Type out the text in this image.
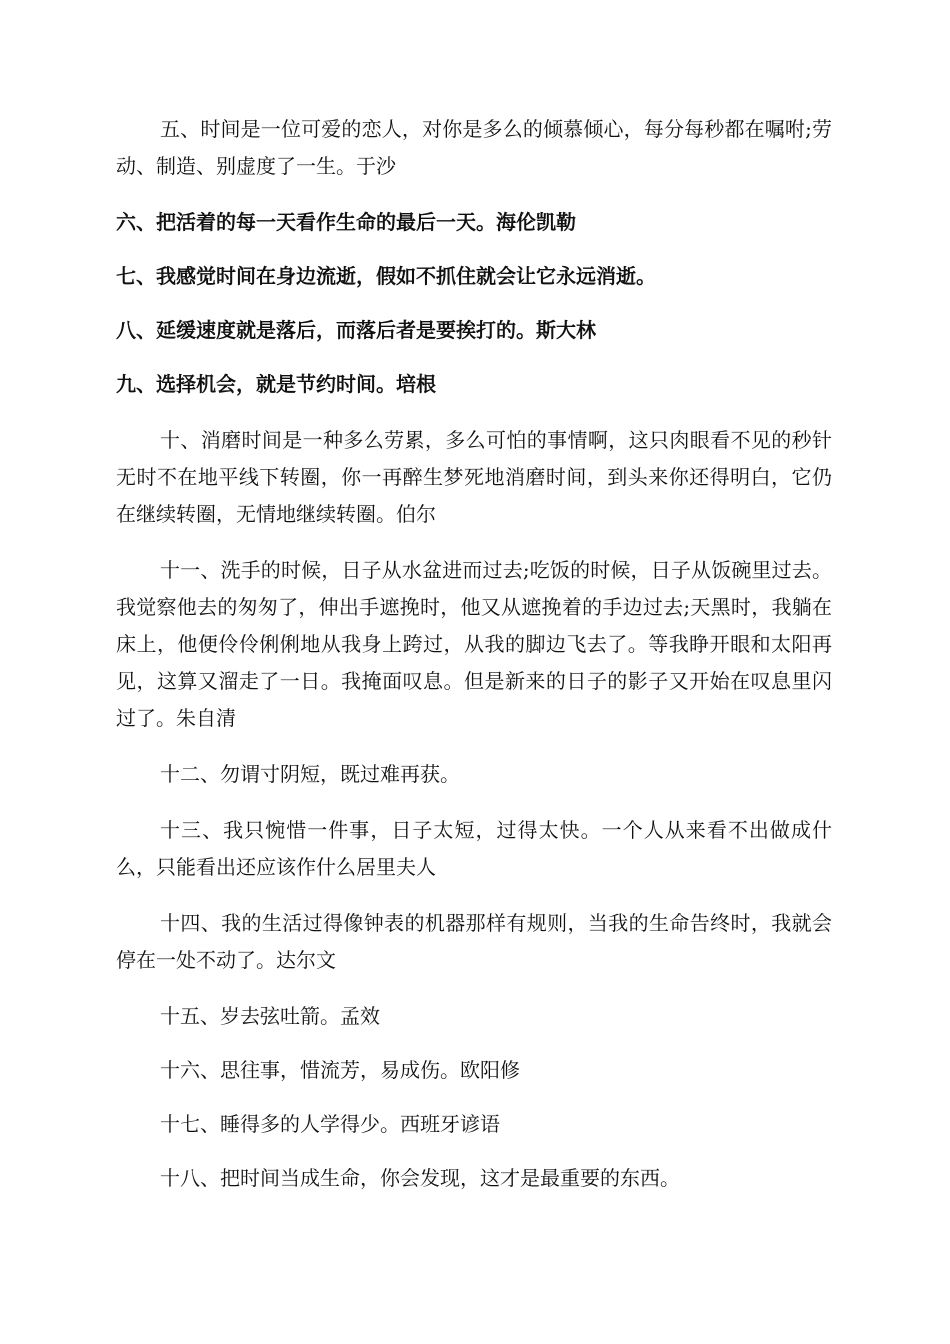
五、时间是一位可爱的恋人，对你是多么的倾慕倾心，每分每秒都在嘱咐;劳动、制造、别虚度了一生。于沙

六、把活着的每一天看作生命的最后一天。海伦凯勒

七、我感觉时间在身边流逝，假如不抓住就会让它永远消逝。

八、延缓速度就是落后，而落后者是要挨打的。斯大林

九、选择机会，就是节约时间。培根

十、消磨时间是一种多么劳累，多么可怕的事情啊，这只肉眼看不见的秒针无时不在地平线下转圈，你一再醉生梦死地消磨时间，到头来你还得明白，它仍在继续转圈，无情地继续转圈。伯尔

十一、洗手的时候，日子从水盆进而过去;吃饭的时候，日子从饭碗里过去。我觉察他去的匆匆了，伸出手遮挽时，他又从遮挽着的手边过去;天黑时，我躺在床上，他便伶伶俐俐地从我身上跨过，从我的脚边飞去了。等我睁开眼和太阳再见，这算又溜走了一日。我掩面叹息。但是新来的日子的影子又开始在叹息里闪过了。朱自清

十二、勿谓寸阴短，既过难再获。

十三、我只惋惜一件事，日子太短，过得太快。一个人从来看不出做成什么，只能看出还应该作什么居里夫人

十四、我的生活过得像钟表的机器那样有规则，当我的生命告终时，我就会停在一处不动了。达尔文

十五、岁去弦吐箭。孟效

十六、思往事，惜流芳，易成伤。欧阳修

十七、睡得多的人学得少。西班牙谚语

十八、把时间当成生命，你会发现，这才是最重要的东西。
